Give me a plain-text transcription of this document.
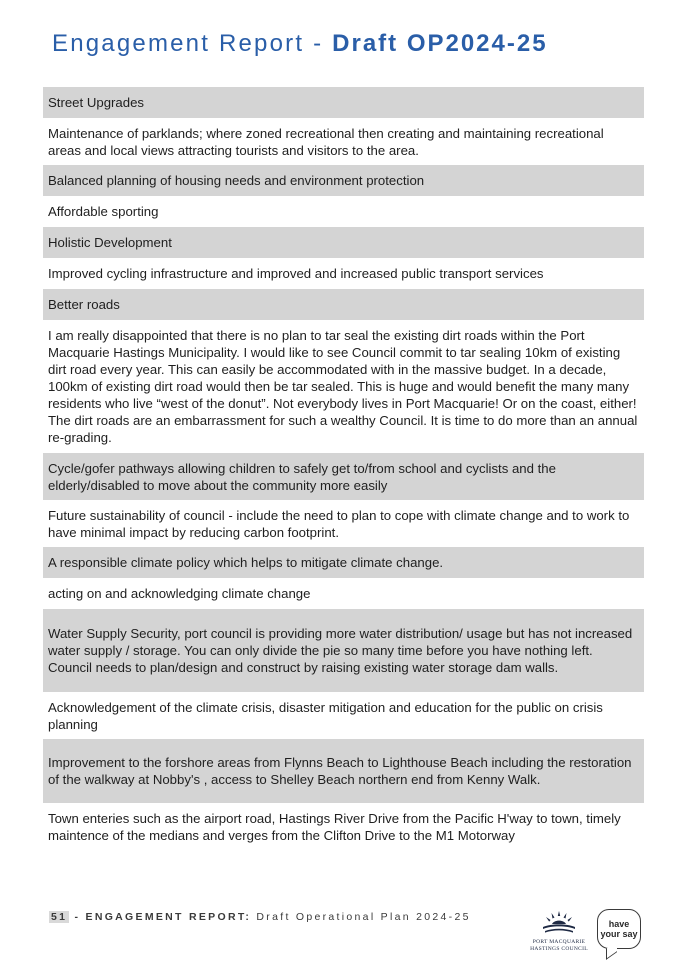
Engagement Report - Draft OP2024-25
Street Upgrades
Maintenance of parklands; where zoned recreational then creating and maintaining recreational areas and local views attracting tourists and visitors to the area.
Balanced planning of housing needs and environment protection
Affordable sporting
Holistic Development
Improved cycling infrastructure and improved and increased public transport services
Better roads
I am really disappointed that there is no plan to tar seal the existing dirt roads within the Port Macquarie Hastings Municipality. I would like to see Council commit to tar sealing 10km of existing dirt road every year. This can easily be accommodated with in the massive budget. In a decade, 100km of existing dirt road would then be tar sealed. This is huge and would benefit the many many residents who live “west of the donut”. Not everybody lives in Port Macquarie! Or on the coast, either! The dirt roads are an embarrassment for such a wealthy Council. It is time to do more than an annual re-grading.
Cycle/gofer pathways allowing children to safely get to/from school and cyclists and the elderly/disabled to move about the community more easily
Future sustainability of council - include the need to plan to cope with climate change and to work to have minimal impact by reducing carbon footprint.
A responsible climate policy which helps to mitigate climate change.
acting on and acknowledging climate change
Water Supply Security, port council is providing more water distribution/ usage but has not increased water supply / storage. You can only divide the pie so many time before you have nothing left. Council needs to plan/design and construct by raising existing water storage dam walls.
Acknowledgement of the climate crisis, disaster mitigation and education for the public on crisis planning
Improvement to the forshore areas from Flynns Beach to Lighthouse Beach including the restoration of the walkway at Nobby's , access to Shelley Beach northern end from Kenny Walk.
Town enteries such as the airport road, Hastings River Drive from the Pacific H'way to town, timely maintence of the medians and verges from the Clifton Drive to the M1 Motorway
51 - ENGAGEMENT REPORT: Draft Operational Plan 2024-25
PORT MACQUARIE
HASTINGS COUNCIL
have
your say
